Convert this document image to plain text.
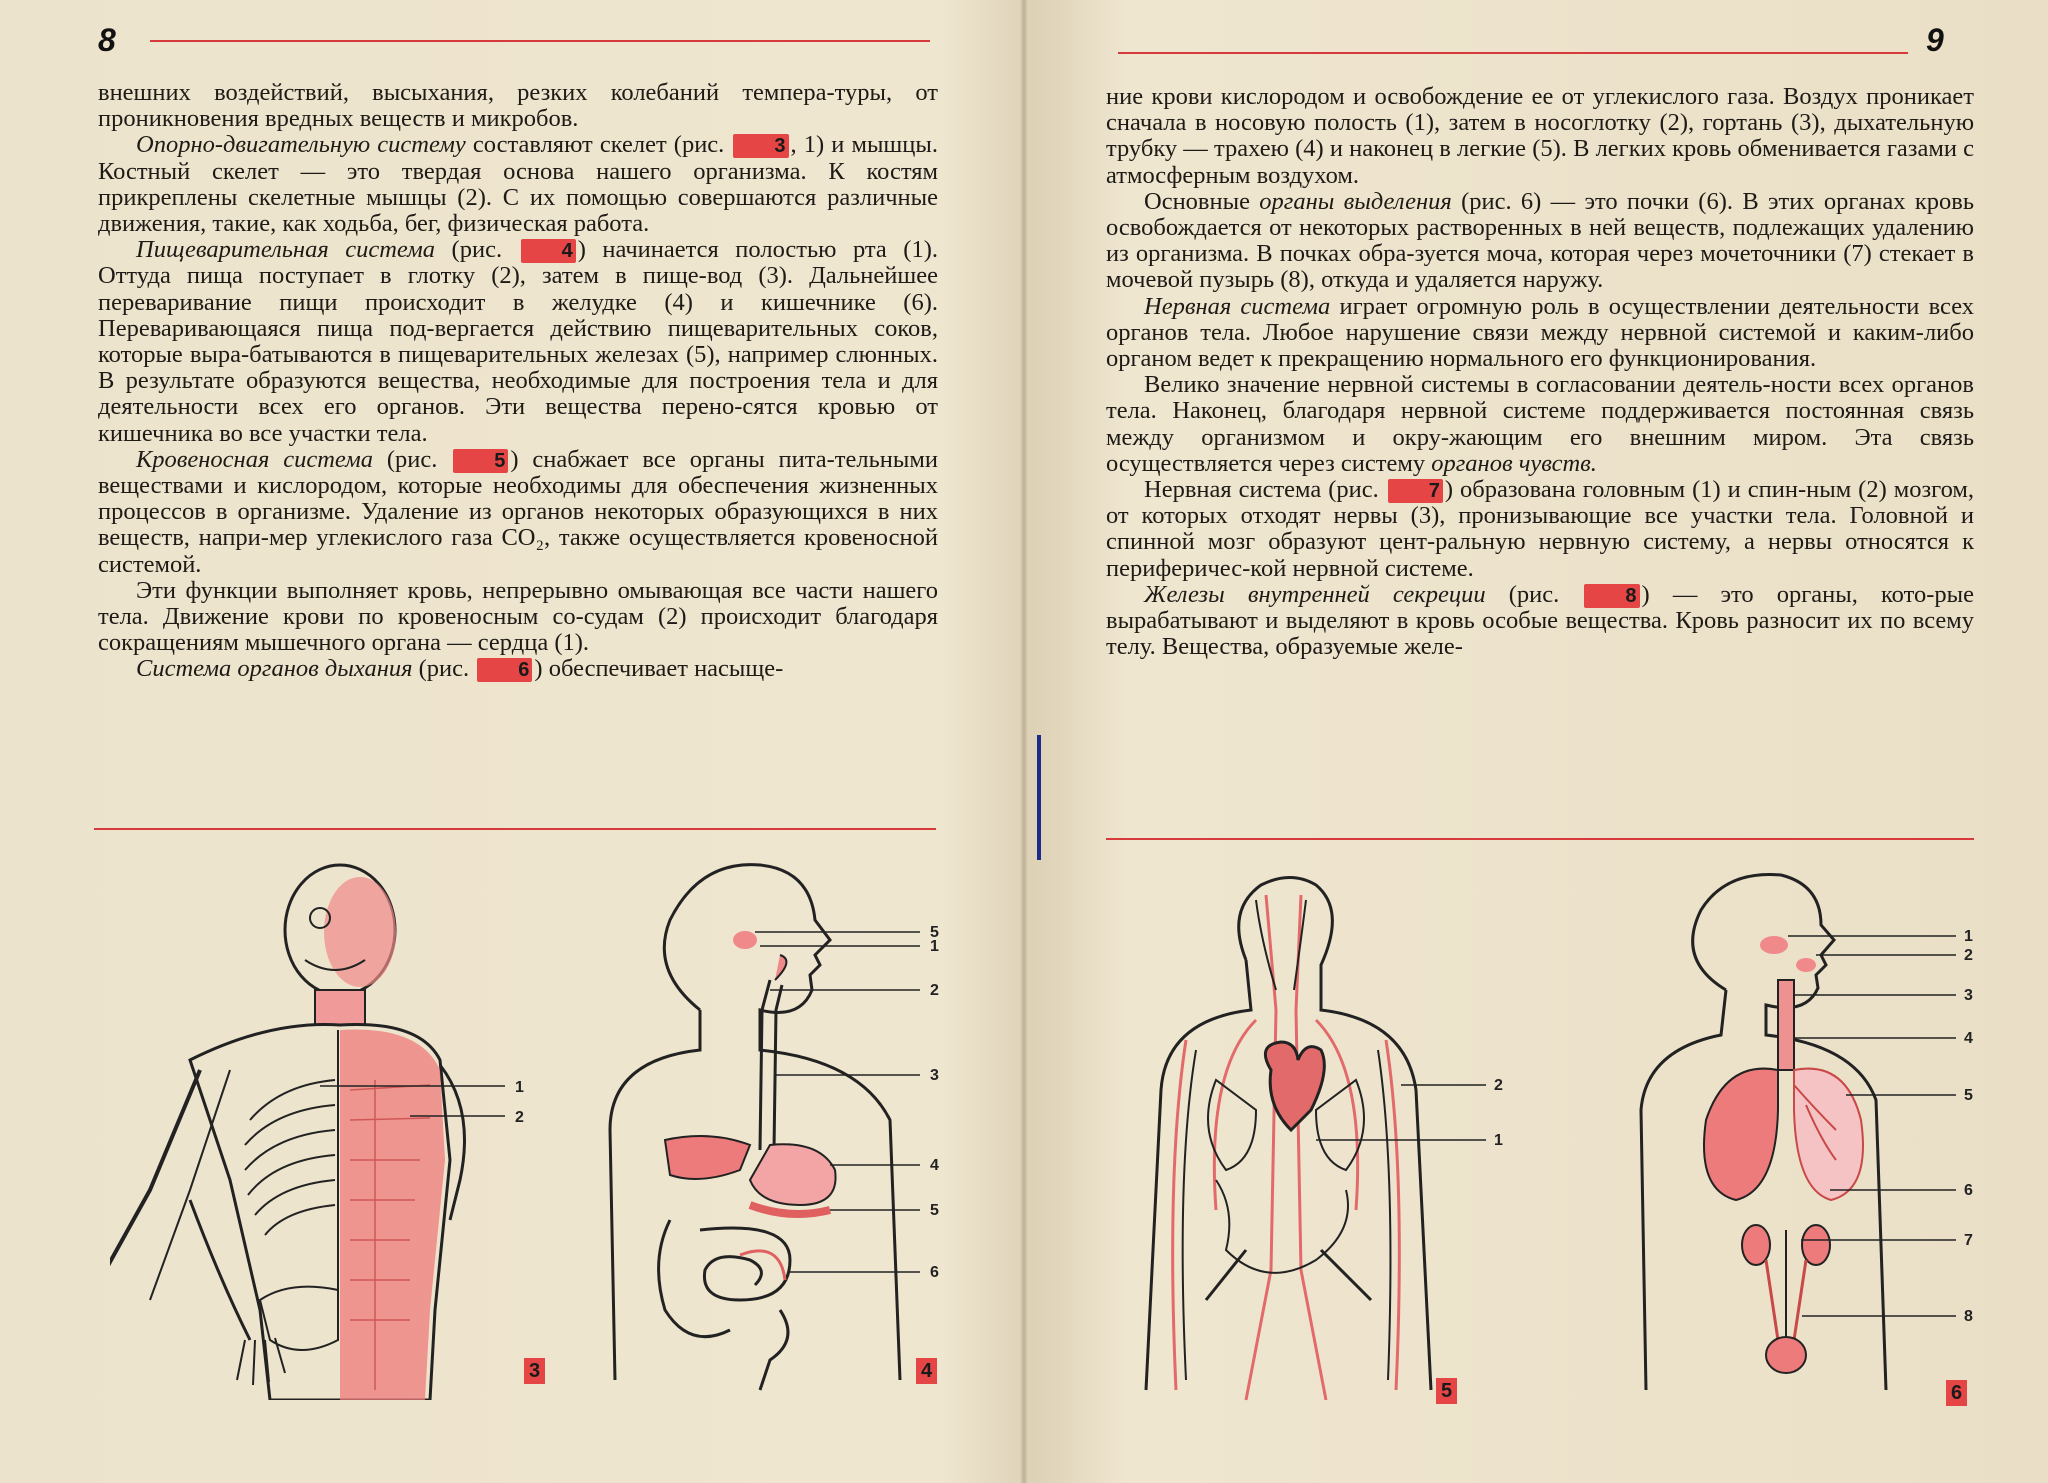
8

внешних воздействий, высыхания, резких колебаний темпера-туры, от проникновения вредных веществ и микробов.

Опорно-двигательную систему составляют скелет (рис. 3 , 1) и мышцы. Костный скелет — это твердая основа нашего организма. К костям прикреплены скелетные мышцы (2). С их помощью совершаются различные движения, такие, как ходьба, бег, физическая работа.

Пищеварительная система (рис. 4 ) начинается полостью рта (1). Оттуда пища поступает в глотку (2), затем в пище-вод (3). Дальнейшее переваривание пищи происходит в желудке (4) и кишечнике (6). Переваривающаяся пища под-вергается действию пищеварительных соков, которые выра-батываются в пищеварительных железах (5), например слюнных. В результате образуются вещества, необходимые для построения тела и для деятельности всех его органов. Эти вещества перено-сятся кровью от кишечника во все участки тела.

Кровеносная система (рис. 5 ) снабжает все органы пита-тельными веществами и кислородом, которые необходимы для обеспечения жизненных процессов в организме. Удаление из органов некоторых образующихся в них веществ, напри-мер углекислого газа CO₂, также осуществляется кровеносной системой.

Эти функции выполняет кровь, непрерывно омывающая все части нашего тела. Движение крови по кровеносным со-судам (2) происходит благодаря сокращениям мышечного органа — сердца (1).

Система органов дыхания (рис. 6 ) обеспечивает насыще-

1
2
3
5
1
2
3
4
5
6
4
9

ние крови кислородом и освобождение ее от углекислого газа. Воздух проникает сначала в носовую полость (1), затем в носоглотку (2), гортань (3), дыхательную трубку — трахею (4) и наконец в легкие (5). В легких кровь обменивается газами с атмосферным воздухом.

Основные органы выделения (рис. 6) — это почки (6). В этих органах кровь освобождается от некоторых растворенных в ней веществ, подлежащих удалению из организма. В почках обра-зуется моча, которая через мочеточники (7) стекает в мочевой пузырь (8), откуда и удаляется наружу.

Нервная система играет огромную роль в осуществлении деятельности всех органов тела. Любое нарушение связи между нервной системой и каким-либо органом ведет к прекращению нормального его функционирования.

Велико значение нервной системы в согласовании деятель-ности всех органов тела. Наконец, благодаря нервной системе поддерживается постоянная связь между организмом и окру-жающим его внешним миром. Эта связь осуществляется через систему органов чувств.

Нервная система (рис. 7 ) образована головным (1) и спин-ным (2) мозгом, от которых отходят нервы (3), пронизывающие все участки тела. Головной и спинной мозг образуют цент-ральную нервную систему, а нервы относятся к периферичес-кой нервной системе.

Железы внутренней секреции (рис. 8 ) — это органы, кото-рые вырабатывают и выделяют в кровь особые вещества. Кровь разносит их по всему телу. Вещества, образуемые желе-

2
1
5
1
2
3
4
5
6
7
8
6
